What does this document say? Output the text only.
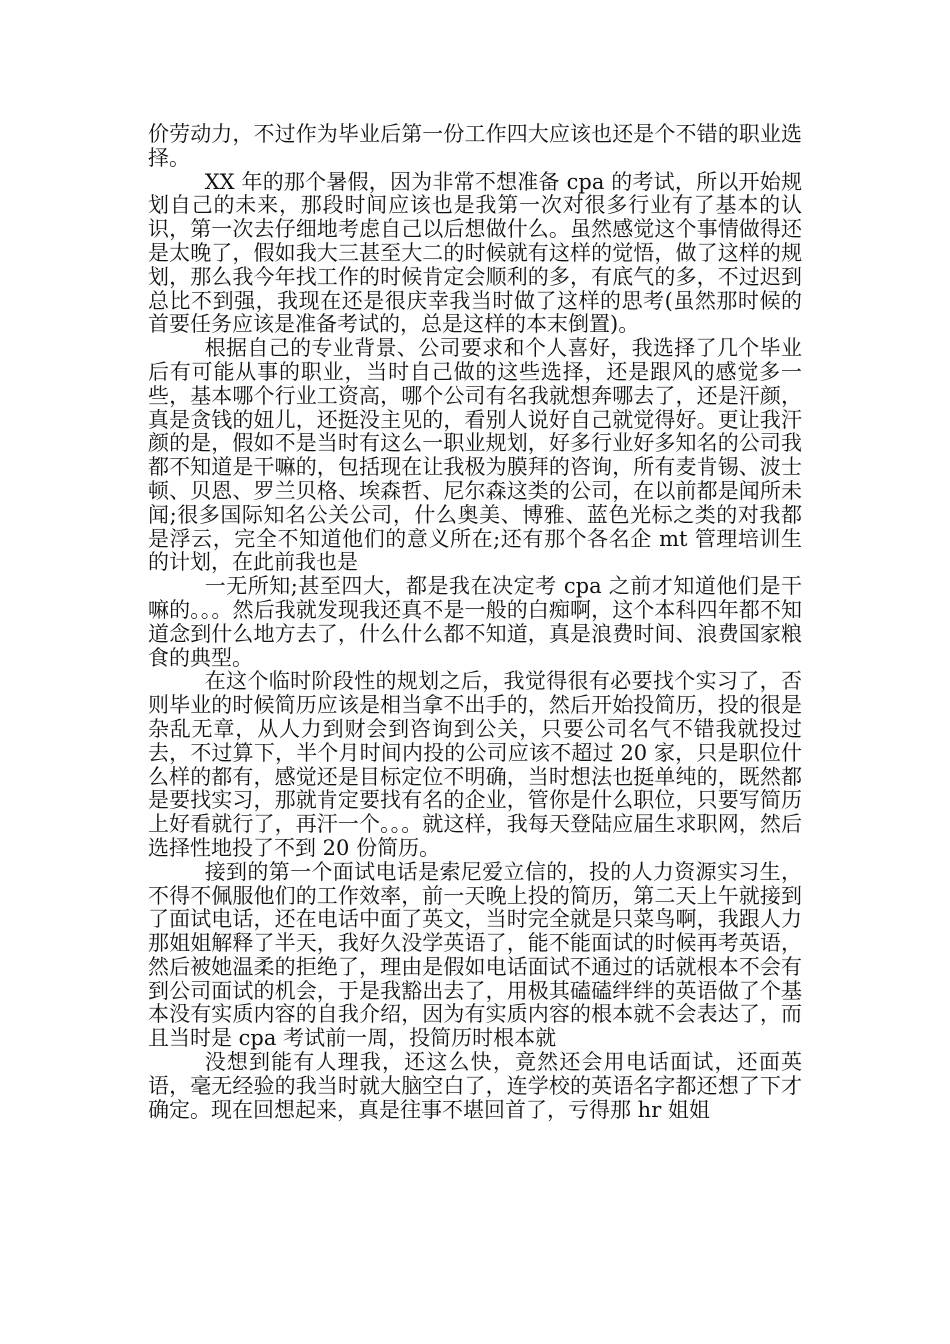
价劳动力，不过作为毕业后第一份工作四大应该也还是个不错的职业选择。

XX 年的那个暑假，因为非常不想准备 cpa 的考试，所以开始规划自己的未来，那段时间应该也是我第一次对很多行业有了基本的认识，第一次去仔细地考虑自己以后想做什么。虽然感觉这个事情做得还是太晚了，假如我大三甚至大二的时候就有这样的觉悟，做了这样的规划，那么我今年找工作的时候肯定会顺利的多，有底气的多，不过迟到总比不到强，我现在还是很庆幸我当时做了这样的思考(虽然那时候的首要任务应该是准备考试的，总是这样的本末倒置)。

根据自己的专业背景、公司要求和个人喜好，我选择了几个毕业后有可能从事的职业，当时自己做的这些选择，还是跟风的感觉多一些，基本哪个行业工资高，哪个公司有名我就想奔哪去了，还是汗颜，真是贪钱的妞儿，还挺没主见的，看别人说好自己就觉得好。更让我汗颜的是，假如不是当时有这么一职业规划，好多行业好多知名的公司我都不知道是干嘛的，包括现在让我极为膜拜的咨询，所有麦肯锡、波士顿、贝恩、罗兰贝格、埃森哲、尼尔森这类的公司，在以前都是闻所未闻;很多国际知名公关公司，什么奥美、博雅、蓝色光标之类的对我都是浮云，完全不知道他们的意义所在;还有那个各名企 mt 管理培训生的计划，在此前我也是

一无所知;甚至四大，都是我在决定考 cpa 之前才知道他们是干嘛的。。。然后我就发现我还真不是一般的白痴啊，这个本科四年都不知道念到什么地方去了，什么什么都不知道，真是浪费时间、浪费国家粮食的典型。

在这个临时阶段性的规划之后，我觉得很有必要找个实习了，否则毕业的时候简历应该是相当拿不出手的，然后开始投简历，投的很是杂乱无章，从人力到财会到咨询到公关，只要公司名气不错我就投过去，不过算下，半个月时间内投的公司应该不超过 20 家，只是职位什么样的都有，感觉还是目标定位不明确，当时想法也挺单纯的，既然都是要找实习，那就肯定要找有名的企业，管你是什么职位，只要写简历上好看就行了，再汗一个。。。就这样，我每天登陆应届生求职网，然后选择性地投了不到 20 份简历。

接到的第一个面试电话是索尼爱立信的，投的人力资源实习生，不得不佩服他们的工作效率，前一天晚上投的简历，第二天上午就接到了面试电话，还在电话中面了英文，当时完全就是只菜鸟啊，我跟人力那姐姐解释了半天，我好久没学英语了，能不能面试的时候再考英语，然后被她温柔的拒绝了，理由是假如电话面试不通过的话就根本不会有到公司面试的机会，于是我豁出去了，用极其磕磕绊绊的英语做了个基本没有实质内容的自我介绍，因为有实质内容的根本就不会表达了，而且当时是 cpa 考试前一周，投简历时根本就

没想到能有人理我，还这么快，竟然还会用电话面试，还面英语，毫无经验的我当时就大脑空白了，连学校的英语名字都还想了下才确定。现在回想起来，真是往事不堪回首了，亏得那 hr 姐姐
